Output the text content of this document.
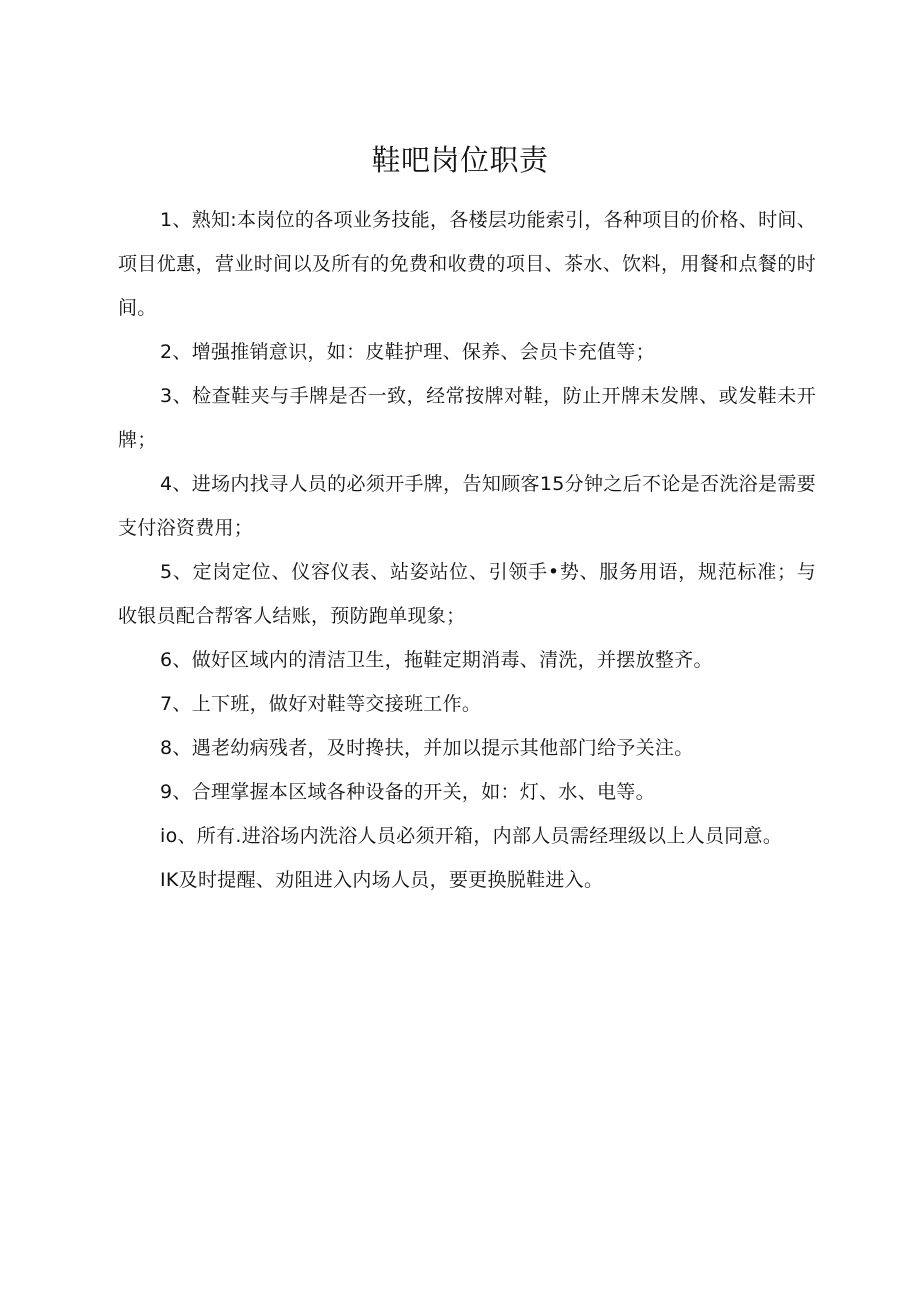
鞋吧岗位职责

1、熟知:本岗位的各项业务技能，各楼层功能索引，各种项目的价格、时间、项目优惠，营业时间以及所有的免费和收费的项目、茶水、饮料，用餐和点餐的时间。

2、增强推销意识，如：皮鞋护理、保养、会员卡充值等；

3、检查鞋夹与手牌是否一致，经常按牌对鞋，防止开牌未发牌、或发鞋未开牌；

4、进场内找寻人员的必须开手牌，告知顾客15分钟之后不论是否洗浴是需要支付浴资费用；

5、定岗定位、仪容仪表、站姿站位、引领手•势、服务用语，规范标准；与收银员配合帮客人结账，预防跑单现象；

6、做好区域内的清洁卫生，拖鞋定期消毒、清洗，并摆放整齐。

7、上下班，做好对鞋等交接班工作。

8、遇老幼病残者，及时搀扶，并加以提示其他部门给予关注。

9、合理掌握本区域各种设备的开关，如：灯、水、电等。

io、所有.进浴场内洗浴人员必须开箱，内部人员需经理级以上人员同意。

IK及时提醒、劝阻进入内场人员，要更换脱鞋进入。
